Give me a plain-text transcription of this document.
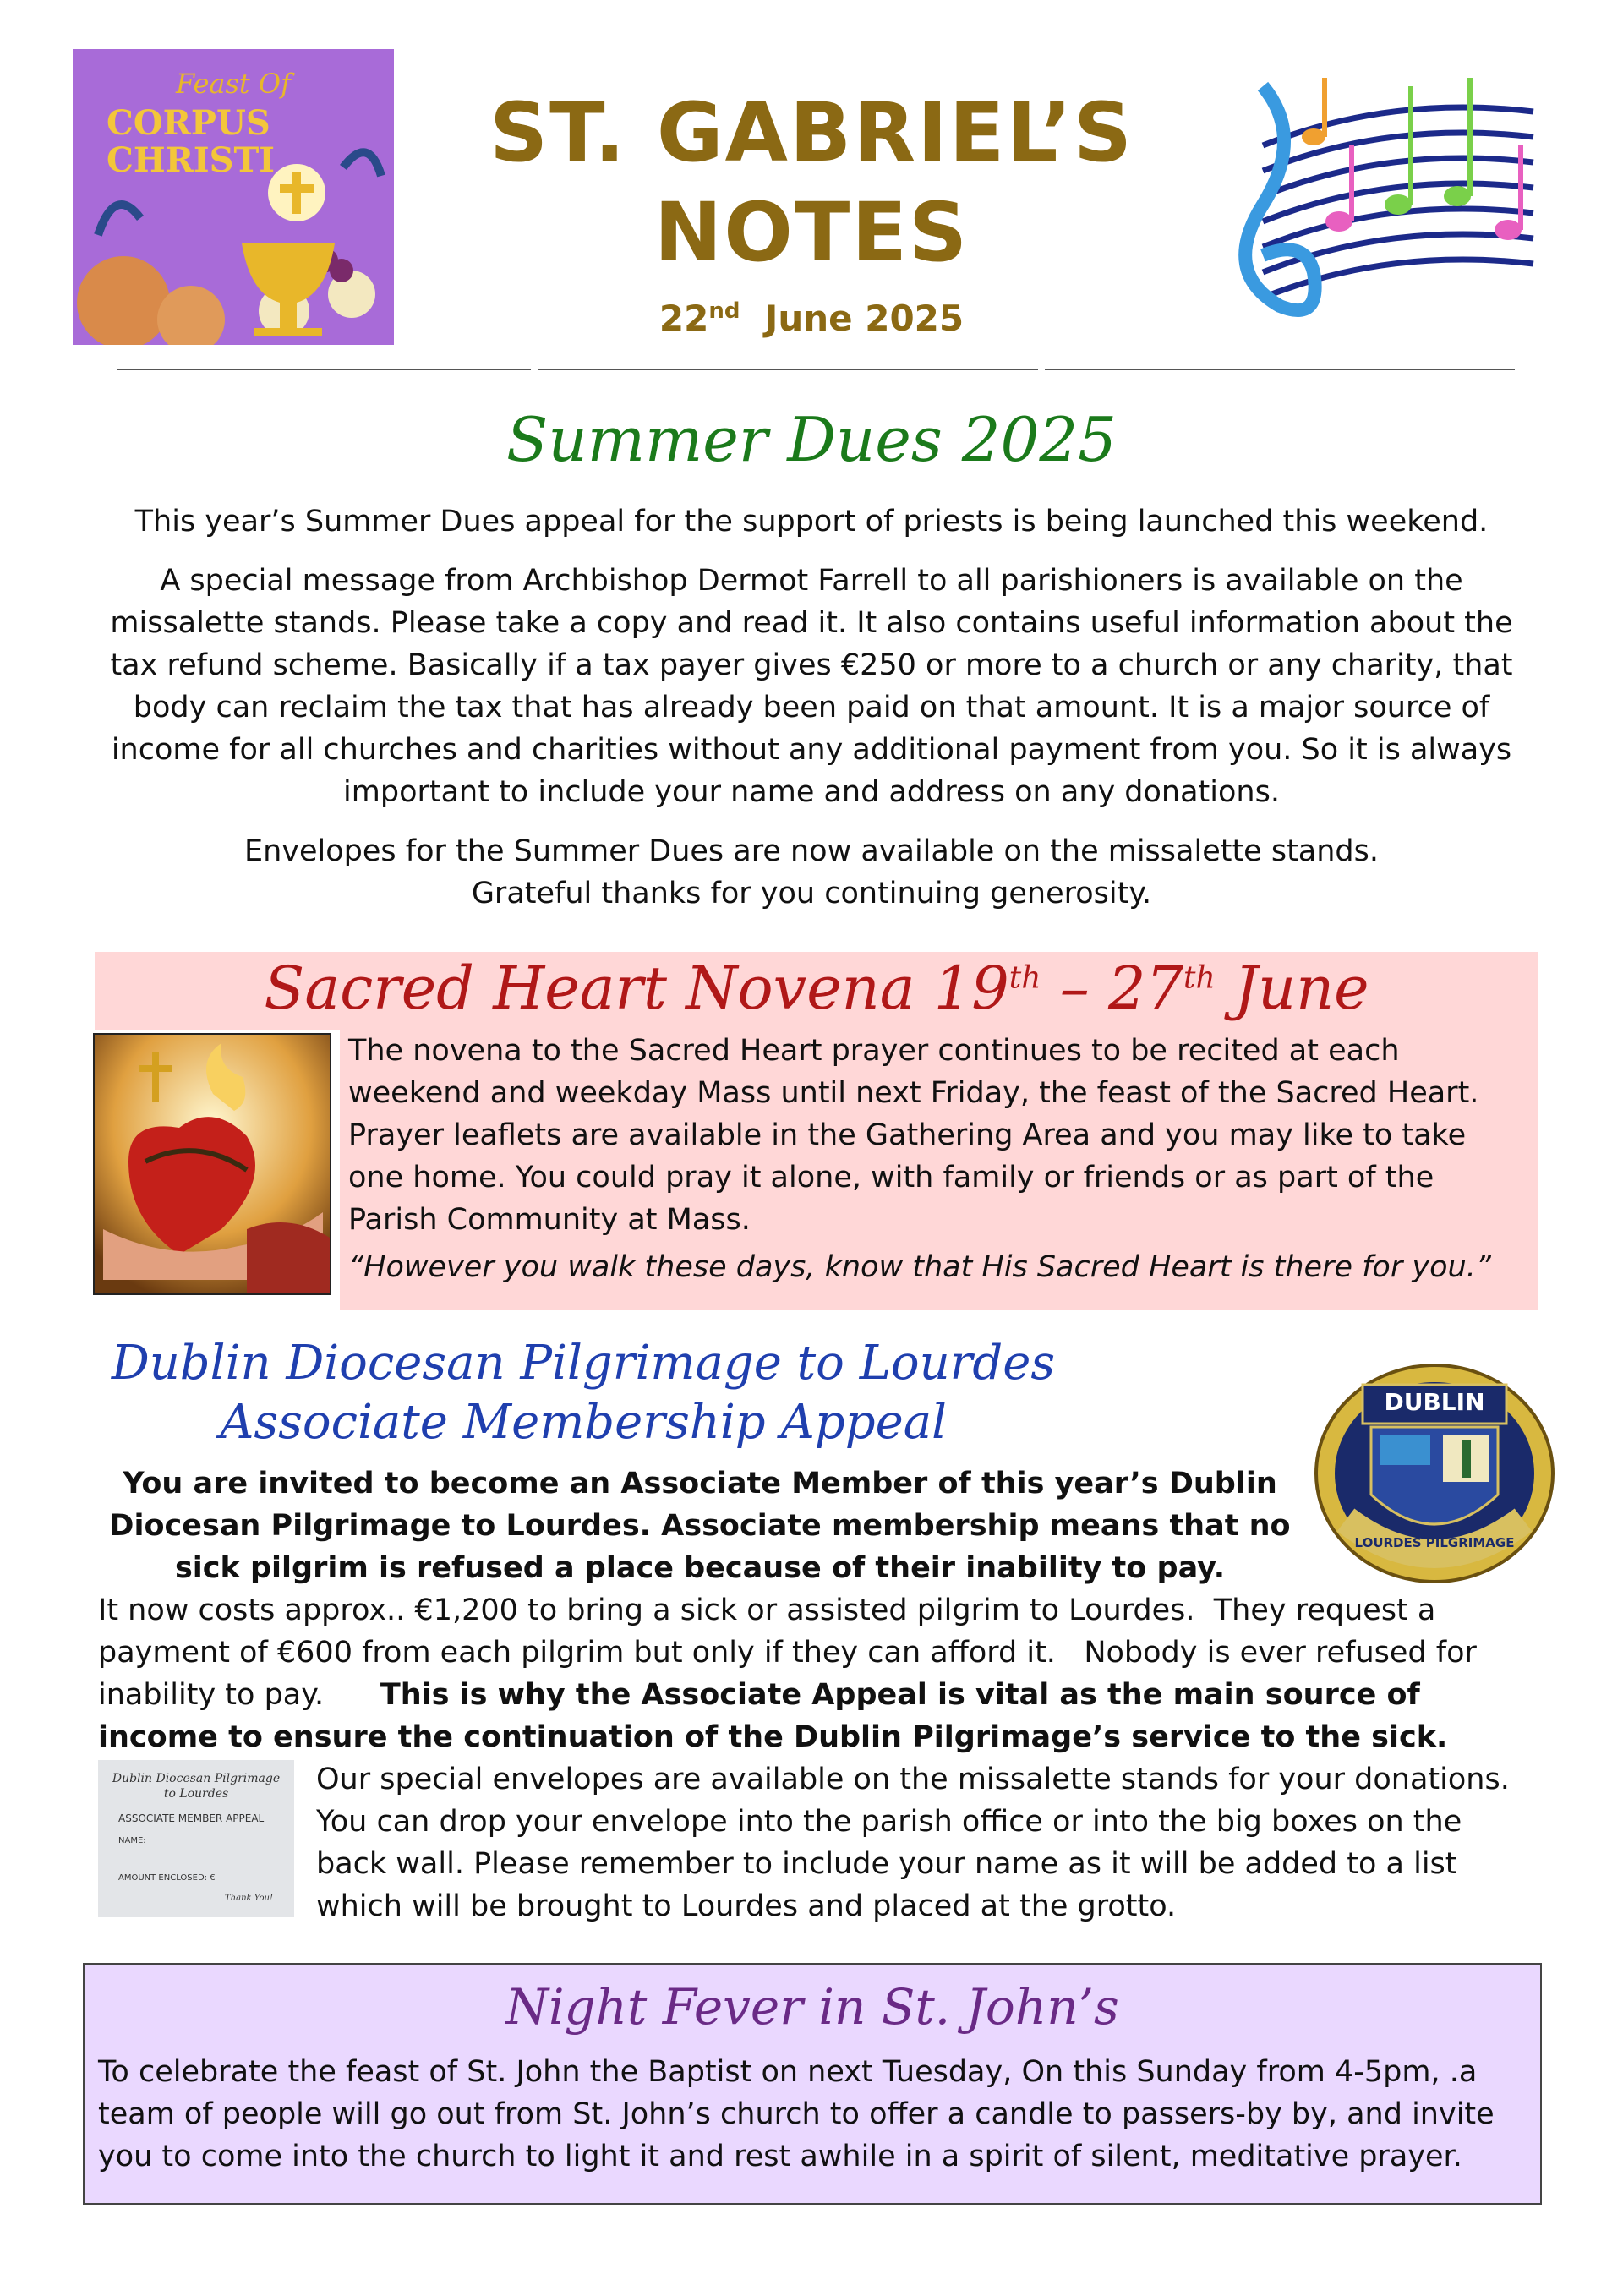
Feast Of
CORPUS
CHRISTI	ST. GABRIEL’S
NOTES
22nd June 2025
Summer Dues 2025

This year’s Summer Dues appeal for the support of priests is being launched this weekend.

A special message from Archbishop Dermot Farrell to all parishioners is available on the missalette stands. Please take a copy and read it. It also contains useful information about the tax refund scheme. Basically if a tax payer gives €250 or more to a church or any charity, that body can reclaim the tax that has already been paid on that amount. It is a major source of income for all churches and charities without any additional payment from you. So it is always important to include your name and address on any donations.

Envelopes for the Summer Dues are now available on the missalette stands.
Grateful thanks for you continuing generosity.
Sacred Heart Novena 19th – 27th June

The novena to the Sacred Heart prayer continues to be recited at each weekend and weekday Mass until next Friday, the feast of the Sacred Heart. Prayer leaflets are available in the Gathering Area and you may like to take one home. You could pray it alone, with family or friends or as part of the Parish Community at Mass.

“However you walk these days, know that His Sacred Heart is there for you.”

Dublin Diocesan Pilgrimage to Lourdes
Associate Membership Appeal	DUBLIN
LOURDES PILGRIMAGE

You are invited to become an Associate Member of this year’s Dublin Diocesan Pilgrimage to Lourdes. Associate membership means that no sick pilgrim is refused a place because of their inability to pay.

It now costs approx.. €1,200 to bring a sick or assisted pilgrim to Lourdes.  They request a payment of €600 from each pilgrim but only if they can afford it.   Nobody is ever refused for inability to pay.      This is why the Associate Appeal is vital as the main source of income to ensure the continuation of the Dublin Pilgrimage’s service to the sick.

Dublin Diocesan Pilgrimage
to Lourdes
ASSOCIATE MEMBER APPEAL
NAME:
AMOUNT ENCLOSED: €
Thank You!

Our special envelopes are available on the missalette stands for your donations. You can drop your envelope into the parish office or into the big boxes on the back wall. Please remember to include your name as it will be added to a list which will be brought to Lourdes and placed at the grotto.

Night Fever in St. John’s

To celebrate the feast of St. John the Baptist on next Tuesday, On this Sunday from 4-5pm, .a team of people will go out from St. John’s church to offer a candle to passers-by by, and invite you to come into the church to light it and rest awhile in a spirit of silent, meditative prayer.
